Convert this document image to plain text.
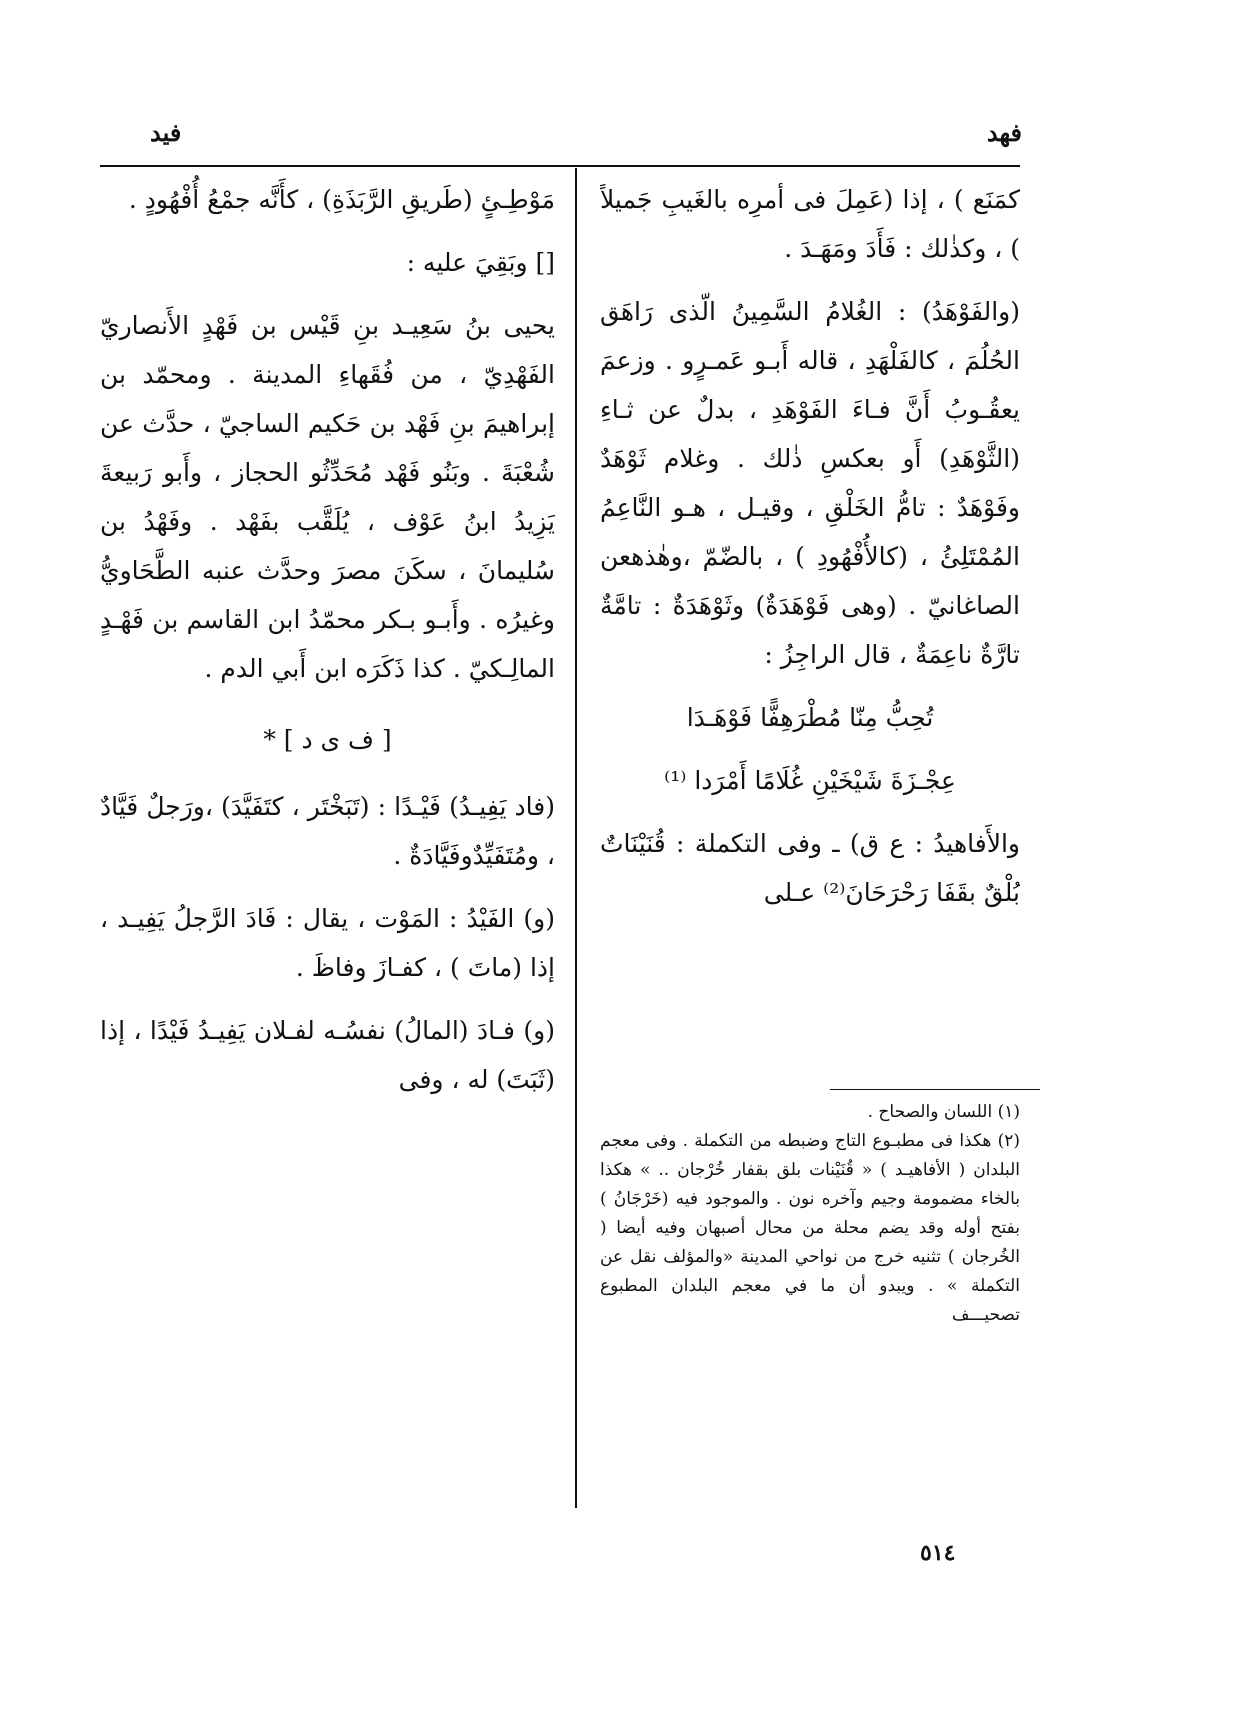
فهد
فيد

كمَنَع ) ، إذا (عَمِلَ فى أمرِه بالغَيبِ جَميلاً ) ، وكذٰلك : فَأَدَ ومَهَـدَ .

(والفَوْهَدُ) : الغُلامُ السَّمِينُ الّذى رَاهَق الحُلُمَ ، كالفَلْهَدِ ، قاله أَبـو عَمـرٍو . وزعمَ يعقُـوبُ أَنَّ فـاءَ الفَوْهَدِ ، بدلٌ عن ثـاءِ (الثَّوْهَدِ) أَو بعكسِ ذٰلك . وغلام ثَوْهَدٌ وفَوْهَدٌ : تامُّ الخَلْقِ ، وقيـل ، هـو النَّاعِمُ المُمْتَلِئُ ، (كالأُفْهُودِ ) ، بالضّمّ ،وهٰذهعن الصاغانيّ . (وهى فَوْهَدَةٌ) وثَوْهَدَةٌ : تامَّةٌ تارَّةٌ ناعِمَةٌ ، قال الراجِزُ :

تُحِبُّ مِنّا مُطْرَهِفًّا فَوْهَـدَا

عِجْـزَةَ شَيْخَيْنِ غُلَامًا أَمْرَدا ⁽¹⁾

والأَفاهيدُ : ع ق) ـ وفى التكملة : قُنَيْنَاتٌ بُلْقٌ بقَفَا رَحْرَحَانَ⁽²⁾ عـلى

(١) اللسان والصحاح .

(٢) هكذا فى مطبـوع التاج وضبطه من التكملة . وفى معجم البلدان ( الأفاهيـد ) « قُنَيْنات بلق بقفار خُرْجان .. » هكذا بالخاء مضمومة وجيم وآخره نون . والموجود فيه (خَرْجَانُ ) بفتح أوله وقد يضم محلة من محال أصبهان وفيه أيضا ( الخُرجان ) تثنيه خرج من نواحي المدينة «والمؤلف نقل عن التكملة » . ويبدو أن ما في معجم البلدان المطبوع تصحيـــف

مَوْطِـئٍ (طَريقِ الرَّبَذَةِ) ، كأَنَّه جمْعُ أُفْهُودٍ .

[] وبَقِيَ عليه :

يحيى بنُ سَعِيـد بنِ قَيْس بن فَهْدٍ الأَنصاريّ الفَهْدِيّ ، من فُقَهاءِ المدينة . ومحمّد بن إبراهيمَ بنِ فَهْد بن حَكيم الساجيّ ، حدَّث عن شُعْبَةَ . وبَنُو فَهْد مُحَدِّثُو الحجاز ، وأَبو رَبيعةَ يَزِيدُ ابنُ عَوْف ، يُلَقَّب بفَهْد . وفَهْدُ بن سُليمانَ ، سكَنَ مصرَ وحدَّث عنبه الطَّحَاويُّ وغيرُه . وأَبـو بـكر محمّدُ ابن القاسم بن فَهْـدٍ المالِـكيّ . كذا ذَكَرَه ابن أَبي الدم .

[ ف ى د ] *

(فاد يَفِيـدُ) فَيْـدًا : (تَبَخْتَر ، كتَفَيَّدَ) ،ورَجلٌ فَيَّادٌ ، ومُتَفَيِّدٌوفَيَّادَةٌ .

(و) الفَيْدُ : المَوْت ، يقال : فَادَ الرَّجلُ يَفِيـد ، إذا (ماتَ ) ، كفـازَ وفاظَ .

(و) فـادَ (المالُ) نفسُـه لفـلان يَفِيـدُ فَيْدًا ، إذا (ثَبَتَ) له ، وفى

٥١٤
